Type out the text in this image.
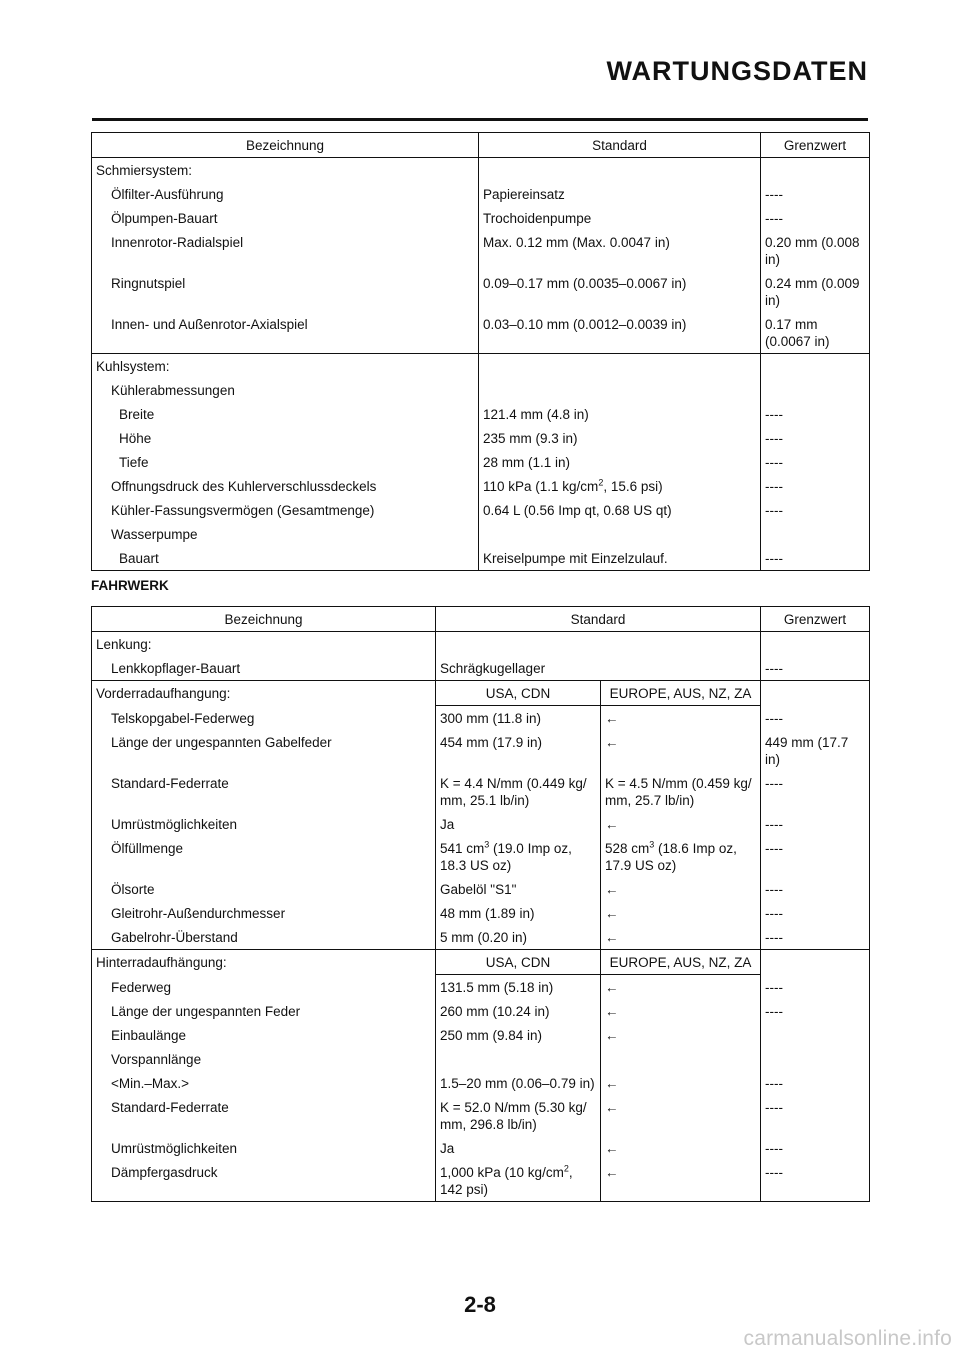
WARTUNGSDATEN
Bezeichnung	Standard	Grenzwert
Schmiersystem:		
Ölfilter-Ausführung	Papiereinsatz	----
Ölpumpen-Bauart	Trochoidenpumpe	----
Innenrotor-Radialspiel	Max. 0.12 mm (Max. 0.0047 in)	0.20 mm (0.008 in)
Ringnutspiel	0.09–0.17 mm (0.0035–0.0067 in)	0.24 mm (0.009 in)
Innen- und Außenrotor-Axialspiel	0.03–0.10 mm (0.0012–0.0039 in)	0.17 mm (0.0067 in)
Kuhlsystem:		
Kühlerabmessungen		
Breite	121.4 mm (4.8 in)	----
Höhe	235 mm (9.3 in)	----
Tiefe	28 mm (1.1 in)	----
Offnungsdruck des Kuhlerverschlussdeckels	110 kPa (1.1 $kg/cm^2$, 15.6 psi)	----
Kühler-Fassungsvermögen (Gesamtmenge)	0.64 L (0.56 Imp qt, 0.68 US qt)	----
Wasserpumpe		
Bauart	Kreiselpumpe mit Einzelzulauf.	----
FAHRWERK
Bezeichnung	Standard		Grenzwert
Lenkung:			
Lenkkopflager-Bauart	Schrägkugellager		----
Vorderradaufhangung:	USA, CDN	EUROPE, AUS, NZ, ZA	
Telskopgabel-Federweg	300 mm (11.8 in)	←	----
Länge der ungespannten Gabelfeder	454 mm (17.9 in)	←	449 mm (17.7 in)
Standard-Federrate	K = 4.4 N/mm (0.449 kg/ mm, 25.1 lb/in)	K = 4.5 N/mm (0.459 kg/ mm, 25.7 lb/in)	----
Umrüstmöglichkeiten	Ja	←	----
Ölfüllmenge	541 $cm^3$ (19.0 Imp oz, 18.3 US oz)	528 $cm^3$ (18.6 Imp oz, 17.9 US oz)	----
Ölsorte	Gabelöl "S1"	←	----
Gleitrohr-Außendurchmesser	48 mm (1.89 in)	←	----
Gabelrohr-Überstand	5 mm (0.20 in)	←	----
Hinterradaufhängung:	USA, CDN	EUROPE, AUS, NZ, ZA	
Federweg	131.5 mm (5.18 in)	←	----
Länge der ungespannten Feder	260 mm (10.24 in)	←	----
Einbaulänge	250 mm (9.84 in)	←	
Vorspannlänge			
<Min.–Max.>	1.5–20 mm (0.06–0.79 in)	←	----
Standard-Federrate	K = 52.0 N/mm (5.30 kg/ mm, 296.8 lb/in)	←	----
Umrüstmöglichkeiten	Ja	←	----
Dämpfergasdruck	1,000 kPa (10 $kg/cm^2$, 142 psi)	←	----
2-8
carmanualsonline.info
